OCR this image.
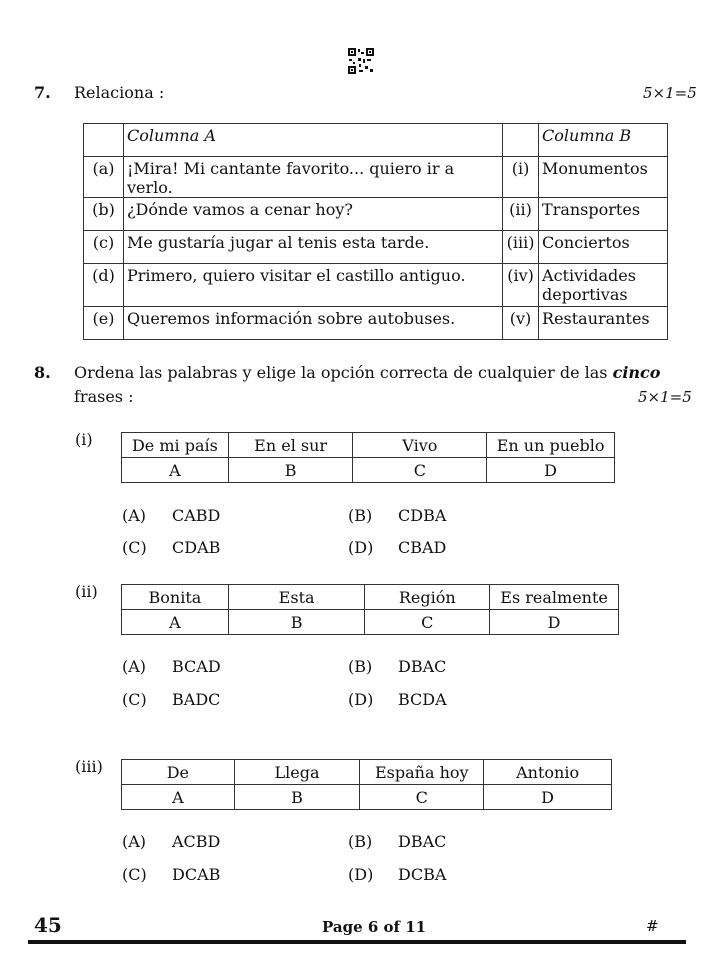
7. Relaciona :	5×1=5
	Columna A		Columna B
(a)	¡Mira! Mi cantante favorito... quiero ir a verlo.	(i)	Monumentos
(b)	¿Dónde vamos a cenar hoy?	(ii)	Transportes
(c)	Me gustaría jugar al tenis esta tarde.	(iii)	Conciertos
(d)	Primero, quiero visitar el castillo antiguo.	(iv)	Actividades
deportivas

(e)	Queremos información sobre autobuses.	(v)	Restaurantes
8. Ordena las palabras y elige la opción correcta de cualquier de las cinco
frases :	5×1=5
(i) De mi país	En el sur	Vivo	En un pueblo
A	B	C	D
(A) CABD	(B) CDBA
(C) CDAB	(D) CBAD
(ii)	Bonita	Esta	Región	Es realmente
A	B	C	D
(A) BCAD	(B) DBAC
(C) BADC	(D) BCDA
(iii)	De	Llega	España hoy	Antonio
A	B	C	D
(A) ACBD	(B) DBAC
(C) DCAB	(D) DCBA
45	Page 6 of 11	#
